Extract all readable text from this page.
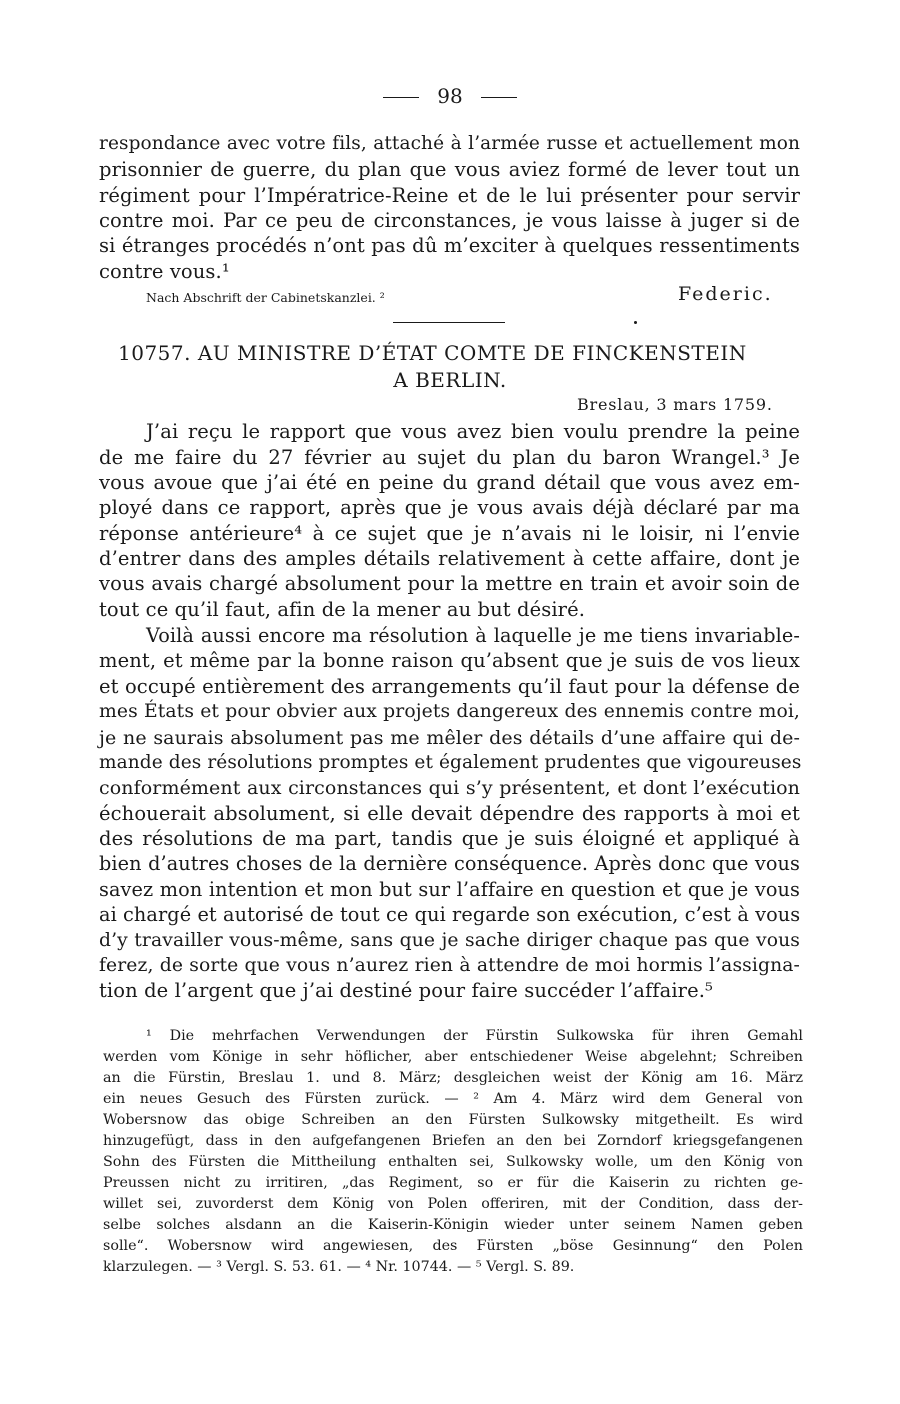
98
respondance avec votre fils, attaché à l’armée russe et actuellement mon
prisonnier de guerre, du plan que vous aviez formé de lever tout un
régiment pour l’Impératrice-Reine et de le lui présenter pour servir
contre moi. Par ce peu de circonstances, je vous laisse à juger si de
si étranges procédés n’ont pas dû m’exciter à quelques ressentiments
contre vous.¹
Nach Abschrift der Cabinetskanzlei. ²	Federic.
10757. AU MINISTRE D’ÉTAT COMTE DE FINCKENSTEIN
A BERLIN.
Breslau, 3 mars 1759.
J’ai reçu le rapport que vous avez bien voulu prendre la peine
de me faire du 27 février au sujet du plan du baron Wrangel.³ Je
vous avoue que j’ai été en peine du grand détail que vous avez em-
ployé dans ce rapport, après que je vous avais déjà déclaré par ma
réponse antérieure⁴ à ce sujet que je n’avais ni le loisir, ni l’envie
d’entrer dans des amples détails relativement à cette affaire, dont je
vous avais chargé absolument pour la mettre en train et avoir soin de
tout ce qu’il faut, afin de la mener au but désiré.
Voilà aussi encore ma résolution à laquelle je me tiens invariable-
ment, et même par la bonne raison qu’absent que je suis de vos lieux
et occupé entièrement des arrangements qu’il faut pour la défense de
mes États et pour obvier aux projets dangereux des ennemis contre moi,
je ne saurais absolument pas me mêler des détails d’une affaire qui de-
mande des résolutions promptes et également prudentes que vigoureuses
conformément aux circonstances qui s’y présentent, et dont l’exécution
échouerait absolument, si elle devait dépendre des rapports à moi et
des résolutions de ma part, tandis que je suis éloigné et appliqué à
bien d’autres choses de la dernière conséquence. Après donc que vous
savez mon intention et mon but sur l’affaire en question et que je vous
ai chargé et autorisé de tout ce qui regarde son exécution, c’est à vous
d’y travailler vous-même, sans que je sache diriger chaque pas que vous
ferez, de sorte que vous n’aurez rien à attendre de moi hormis l’assigna-
tion de l’argent que j’ai destiné pour faire succéder l’affaire.⁵
¹ Die mehrfachen Verwendungen der Fürstin Sulkowska für ihren Gemahl
werden vom Könige in sehr höflicher, aber entschiedener Weise abgelehnt; Schreiben
an die Fürstin, Breslau 1. und 8. März; desgleichen weist der König am 16. März
ein neues Gesuch des Fürsten zurück. — ² Am 4. März wird dem General von
Wobersnow das obige Schreiben an den Fürsten Sulkowsky mitgetheilt. Es wird
hinzugefügt, dass in den aufgefangenen Briefen an den bei Zorndorf kriegsgefangenen
Sohn des Fürsten die Mittheilung enthalten sei, Sulkowsky wolle, um den König von
Preussen nicht zu irritiren, „das Regiment, so er für die Kaiserin zu richten ge-
willet sei, zuvorderst dem König von Polen offeriren, mit der Condition, dass der-
selbe solches alsdann an die Kaiserin-Königin wieder unter seinem Namen geben
solle“. Wobersnow wird angewiesen, des Fürsten „böse Gesinnung“ den Polen
klarzulegen. — ³ Vergl. S. 53. 61. — ⁴ Nr. 10744. — ⁵ Vergl. S. 89.
